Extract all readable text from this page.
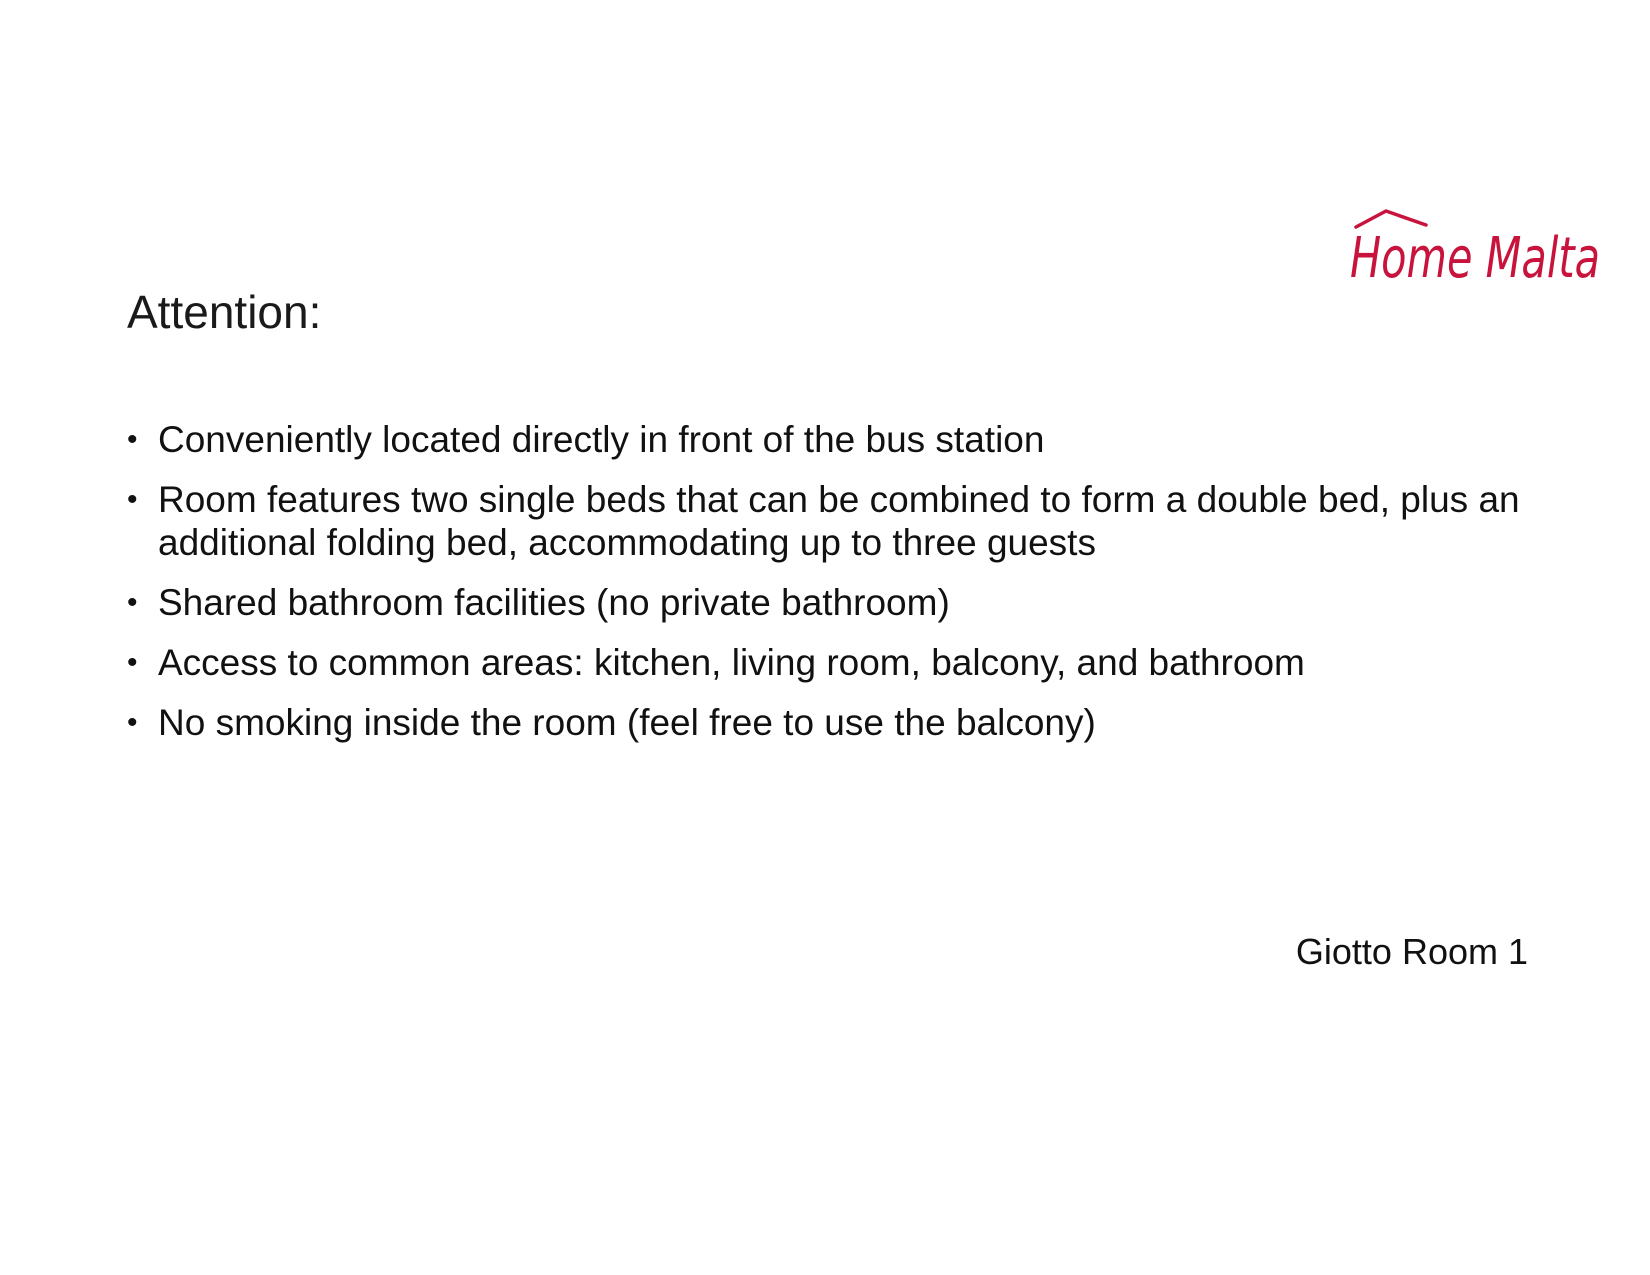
Home Malta
Attention:
• Conveniently located directly in front of the bus station
• Room features two single beds that can be combined to form a double bed, plus an additional folding bed, accommodating up to three guests
• Shared bathroom facilities (no private bathroom)
• Access to common areas: kitchen, living room, balcony, and bathroom
• No smoking inside the room (feel free to use the balcony)
Giotto Room 1
